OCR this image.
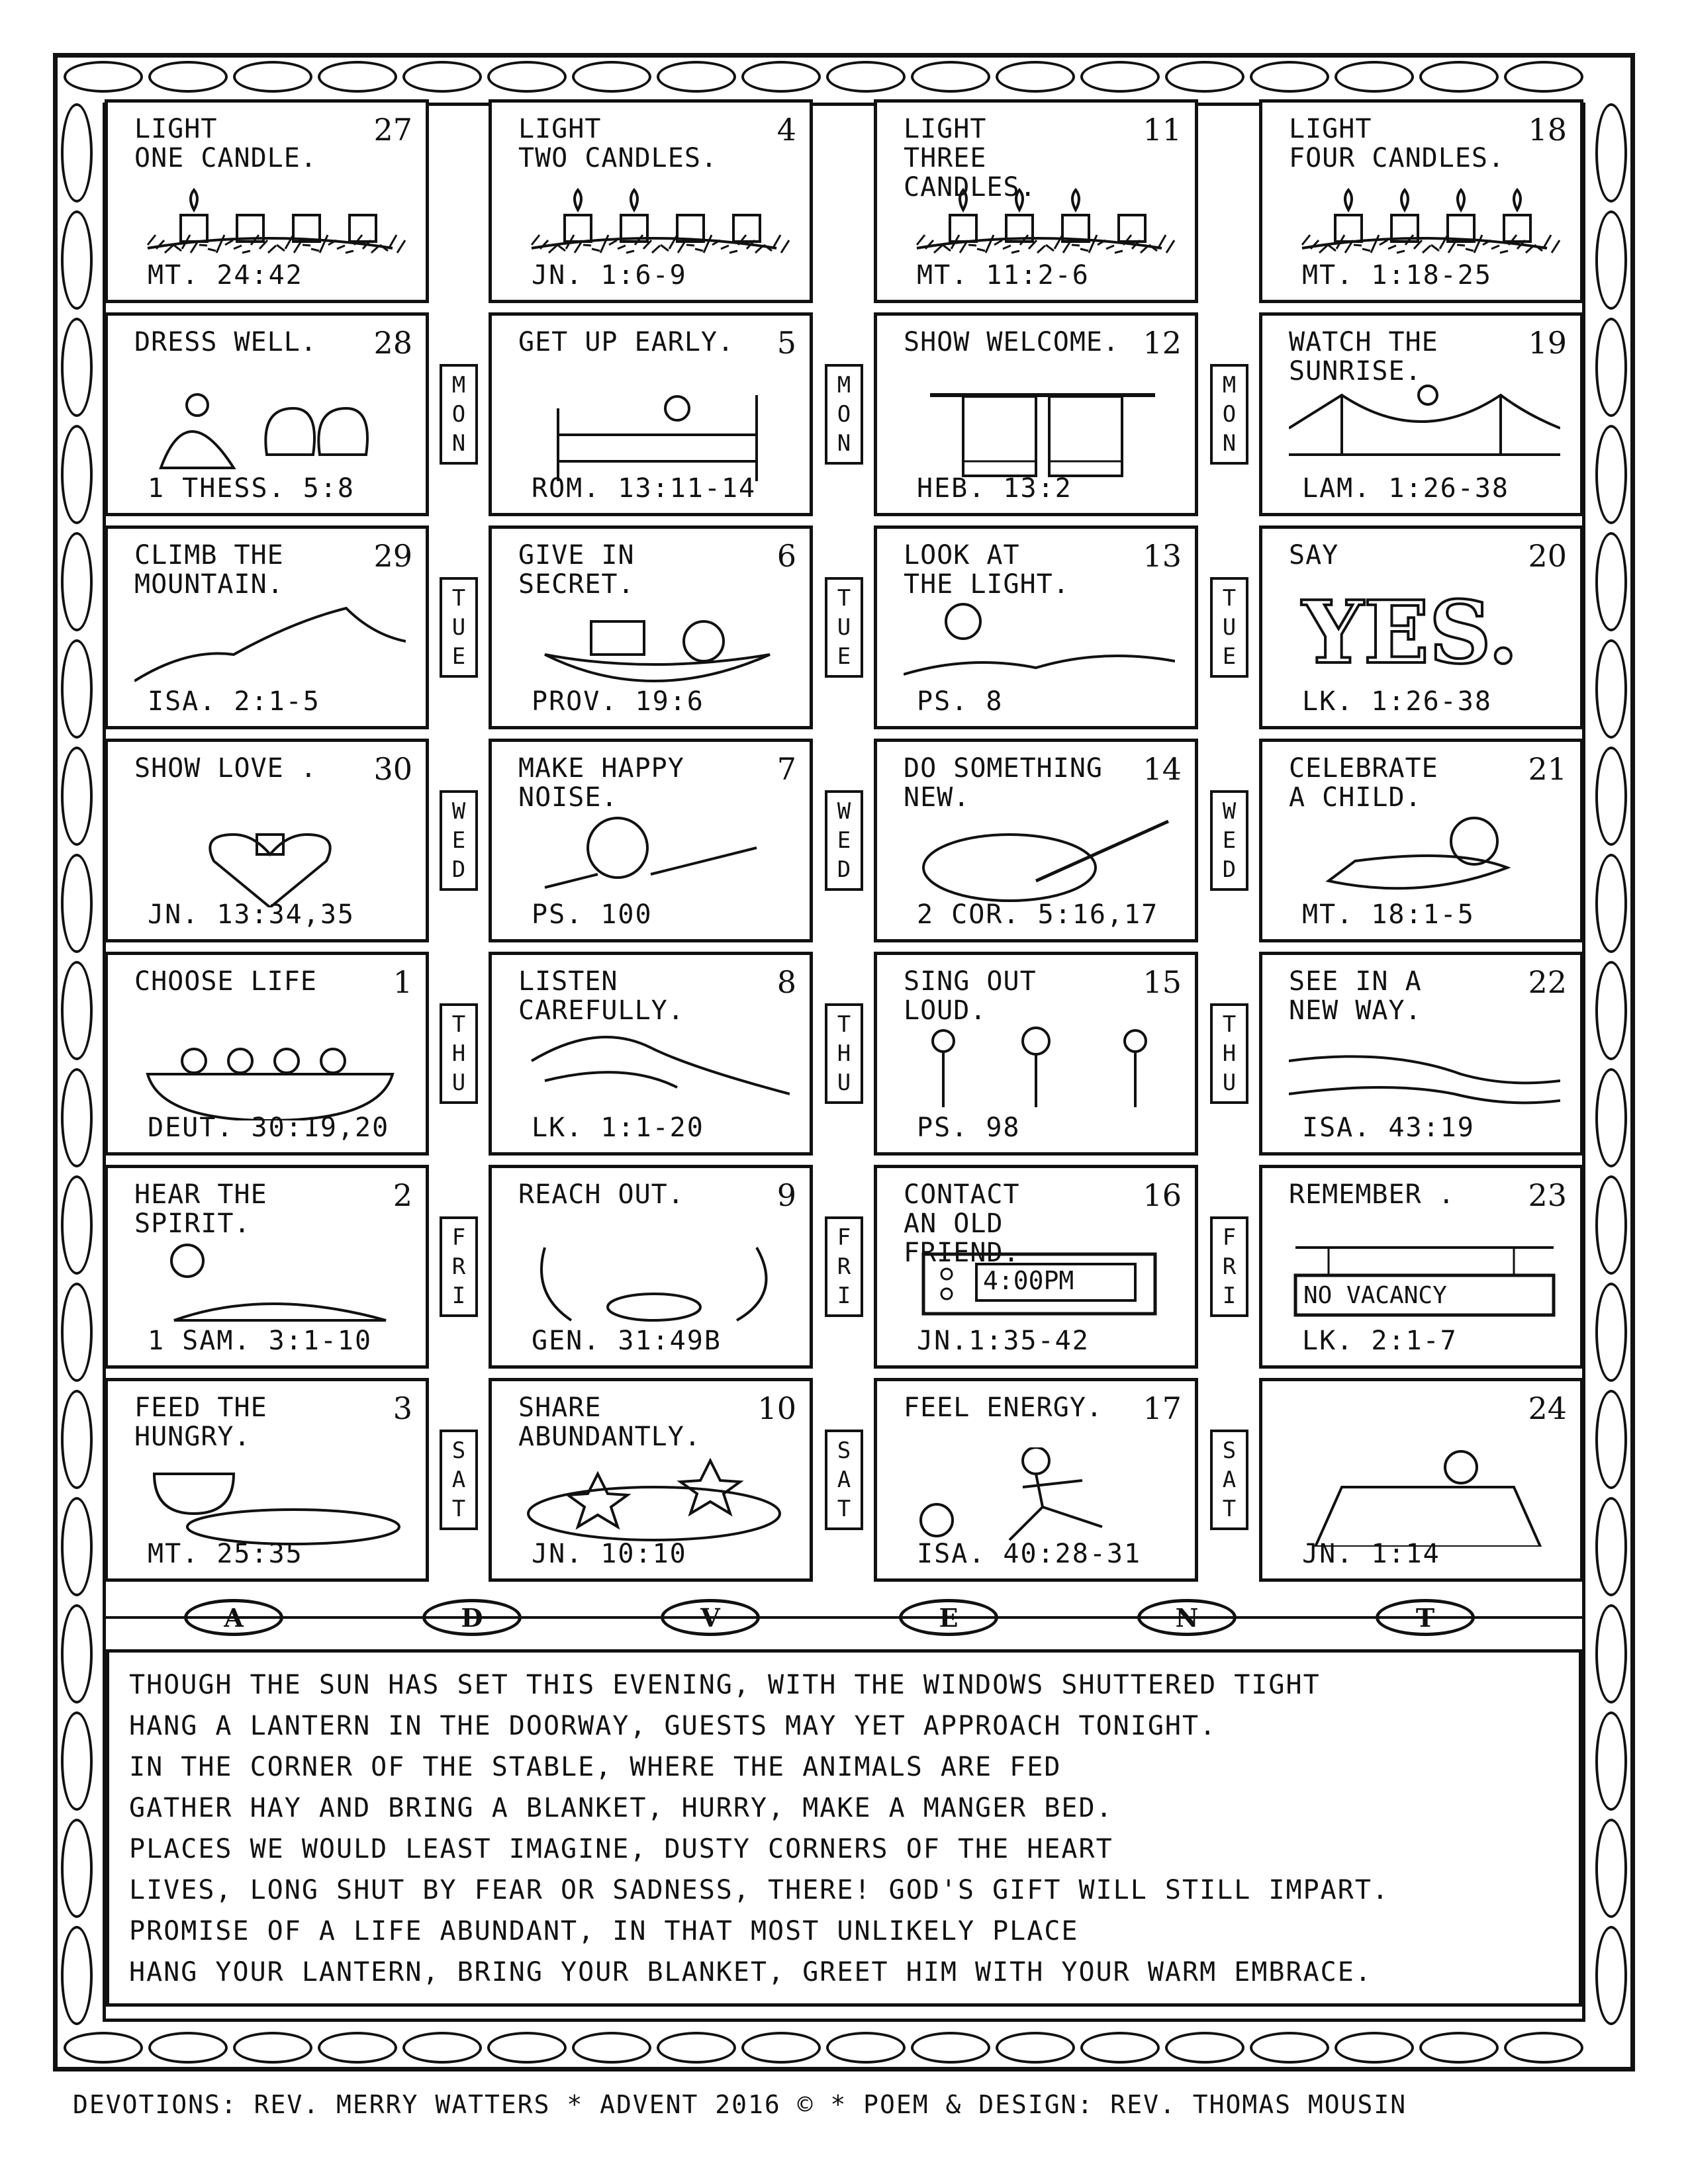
LIGHT
ONE CANDLE.
27
MT. 24:42
LIGHT
TWO CANDLES.
4
JN. 1:6-9
LIGHT
THREE CANDLES.
11
MT. 11:2-6
LIGHT
FOUR CANDLES.
18
MT. 1:18-25
DRESS WELL.	28
1 THESS. 5:8
GET UP EARLY.	5
ROM. 13:11-14
SHOW WELCOME. 12
HEB. 13:2
WATCH THE SUNRISE.
19
LAM. 1:26-38
M
O
N
M
O
N
M
O
N
CLIMB THE
MOUNTAIN.
29
ISA. 2:1-5
GIVE IN SECRET.
6
PROV. 19:6
LOOK AT
THE LIGHT.
13
PS. 8
SAY	20
YES.
LK. 1:26-38
T
U
E
T
U
E
T
U
E
SHOW LOVE .	30
JN. 13:34,35
MAKE HAPPY NOISE.
7
PS. 100
DO SOMETHING
NEW.
14
2 COR. 5:16,17
CELEBRATE
A CHILD.
21
MT. 18:1-5
W
E
D
W
E
D
W
E
D
CHOOSE LIFE	1
DEUT. 30:19,20
LISTEN CAREFULLY.
8
LK. 1:1-20
SING OUT LOUD.
15
PS. 98
SEE IN A
NEW WAY.
22
ISA. 43:19
T
H
U
T
H
U
T
H
U
HEAR THE
SPIRIT.
2
1 SAM. 3:1-10
REACH OUT.	9
GEN. 31:49B
CONTACT
AN OLD FRIEND.
16
4:00PM
JN.1:35-42
REMEMBER .	23
NO VACANCY
LK. 2:1-7
F
R
I
F
R
I
F
R
I
FEED THE HUNGRY.
3
MT. 25:35
SHARE ABUNDANTLY.
10
JN. 10:10
FEEL ENERGY.	17
ISA. 40:28-31
24
JN. 1:14
S
A
T
S
A
T
S
A
T
A	D	V	E	N	T
THOUGH THE SUN HAS SET THIS EVENING, WITH THE WINDOWS SHUTTERED TIGHT
HANG A LANTERN IN THE DOORWAY, GUESTS MAY YET APPROACH TONIGHT.
IN THE CORNER OF THE STABLE, WHERE THE ANIMALS ARE FED
GATHER HAY AND BRING A BLANKET, HURRY, MAKE A MANGER BED.
PLACES WE WOULD LEAST IMAGINE, DUSTY CORNERS OF THE HEART
LIVES, LONG SHUT BY FEAR OR SADNESS, THERE! GOD'S GIFT WILL STILL IMPART.
PROMISE OF A LIFE ABUNDANT, IN THAT MOST UNLIKELY PLACE
HANG YOUR LANTERN, BRING YOUR BLANKET, GREET HIM WITH YOUR WARM EMBRACE.
DEVOTIONS: REV. MERRY WATTERS * ADVENT 2016 © * POEM & DESIGN: REV. THOMAS MOUSIN
